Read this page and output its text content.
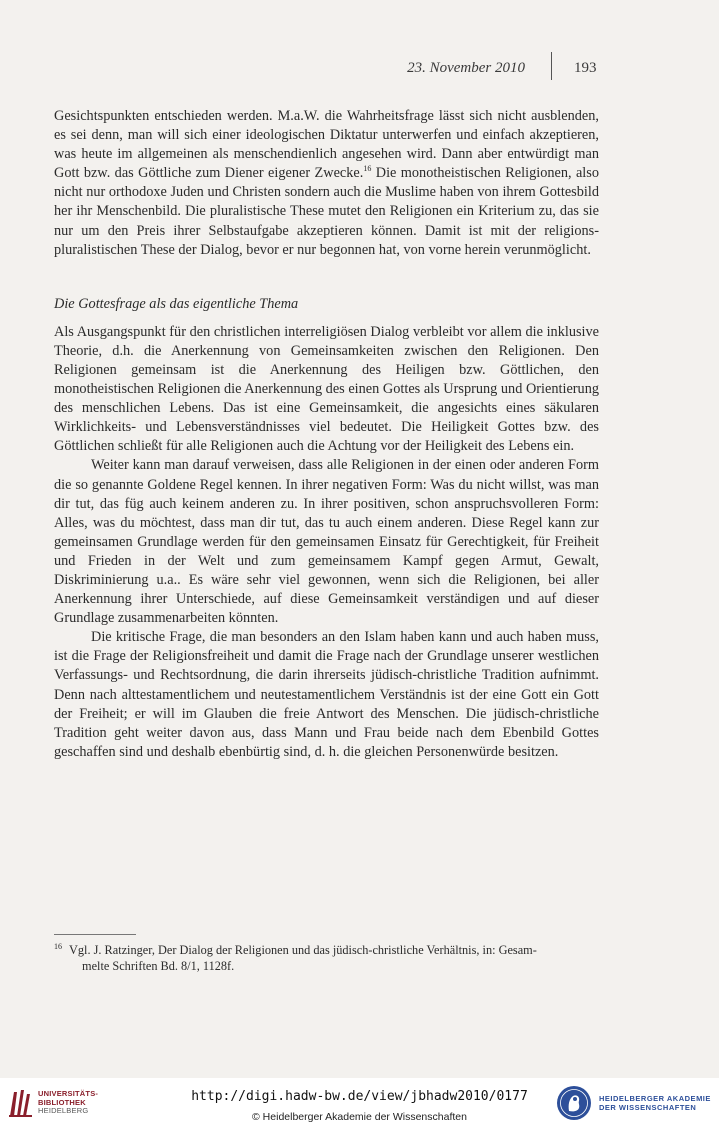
23. November 2010	193

Gesichtspunkten entschieden werden. M.a.W. die Wahrheitsfrage lässt sich nicht ausblenden, es sei denn, man will sich einer ideologischen Diktatur unterwerfen und einfach akzeptieren, was heute im allgemeinen als menschendienlich angesehen wird. Dann aber entwürdigt man Gott bzw. das Göttliche zum Diener eigener Zwecke.$^{16}$ Die monotheistischen Religionen, also nicht nur orthodoxe Juden und Christen sondern auch die Muslime haben von ihrem Gottesbild her ihr Menschenbild. Die pluralistische These mutet den Religionen ein Kriterium zu, das sie nur um den Preis ihrer Selbstaufgabe akzeptieren können. Damit ist mit der religions-pluralistischen These der Dialog, bevor er nur begonnen hat, von vorne herein verunmöglicht.

Die Gottesfrage als das eigentliche Thema

Als Ausgangspunkt für den christlichen interreligiösen Dialog verbleibt vor allem die inklusive Theorie, d.h. die Anerkennung von Gemeinsamkeiten zwischen den Religionen. Den Religionen gemeinsam ist die Anerkennung des Heiligen bzw. Göttlichen, den monotheistischen Religionen die Anerkennung des einen Gottes als Ursprung und Orientierung des menschlichen Lebens. Das ist eine Gemeinsamkeit, die angesichts eines säkularen Wirklichkeits- und Lebensverständnisses viel bedeutet. Die Heiligkeit Gottes bzw. des Göttlichen schließt für alle Religionen auch die Achtung vor der Heiligkeit des Lebens ein.

Weiter kann man darauf verweisen, dass alle Religionen in der einen oder anderen Form die so genannte Goldene Regel kennen. In ihrer negativen Form: Was du nicht willst, was man dir tut, das füg auch keinem anderen zu. In ihrer positiven, schon anspruchsvolleren Form: Alles, was du möchtest, dass man dir tut, das tu auch einem anderen. Diese Regel kann zur gemeinsamen Grundlage werden für den gemeinsamen Einsatz für Gerechtigkeit, für Freiheit und Frieden in der Welt und zum gemeinsamem Kampf gegen Armut, Gewalt, Diskriminierung u.a.. Es wäre sehr viel gewonnen, wenn sich die Religionen, bei aller Anerkennung ihrer Unterschiede, auf diese Gemeinsamkeit verständigen und auf dieser Grundlage zusammenarbeiten könnten.

Die kritische Frage, die man besonders an den Islam haben kann und auch haben muss, ist die Frage der Religionsfreiheit und damit die Frage nach der Grundlage unserer westlichen Verfassungs- und Rechtsordnung, die darin ihrerseits jüdisch-christliche Tradition aufnimmt. Denn nach alttestamentlichem und neutestamentlichem Verständnis ist der eine Gott ein Gott der Freiheit; er will im Glauben die freie Antwort des Menschen. Die jüdisch-christliche Tradition geht weiter davon aus, dass Mann und Frau beide nach dem Ebenbild Gottes geschaffen sind und deshalb ebenbürtig sind, d. h. die gleichen Personenwürde besitzen.

$^{16}$ Vgl. J. Ratzinger, Der Dialog der Religionen und das jüdisch-christliche Verhältnis, in: Gesam-
melte Schriften Bd. 8/1, 1128f.
UNIVERSITÄTS-
BIBLIOTHEK
HEIDELBERG
http://digi.hadw-bw.de/view/jbhadw2010/0177
© Heidelberger Akademie der Wissenschaften
HEIDELBERGER AKADEMIE
DER WISSENSCHAFTEN
